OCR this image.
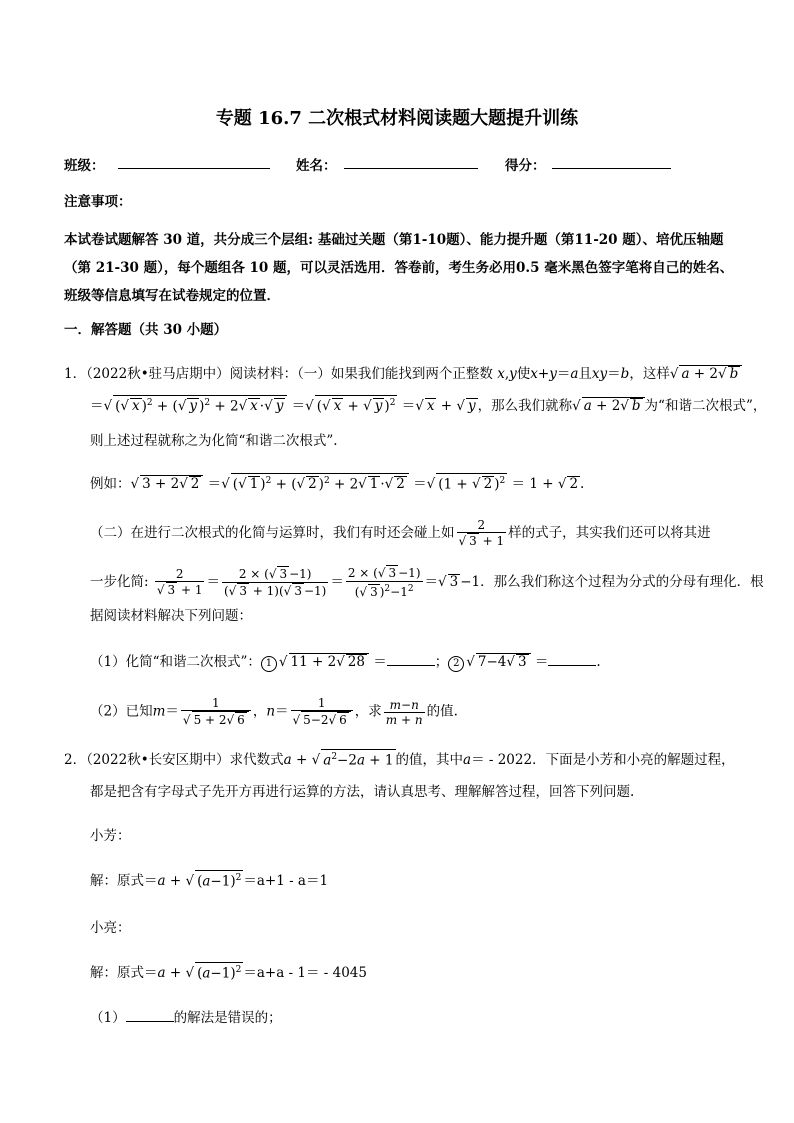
专题 16.7 二次根式材料阅读题大题提升训练
班级：	姓名：	得分：
注意事项：
本试卷试题解答 30 道，共分成三个层组: 基础过关题（第1-10题）、能力提升题（第11-20 题）、培优压轴题（第 21-30 题），每个题组各 10 题，可以灵活选用．答卷前，考生务必用0.5 毫米黑色签字笔将自己的姓名、班级等信息填写在试卷规定的位置．
一．解答题（共 30 小题）
1．（2022秋•驻马店期中）阅读材料：（一）如果我们能找到两个正整数 x,y使x+y＝a且xy＝b，这样 √ a + 2 √ b
＝ √ ( √ x )$^2$ + ( √ y )$^2$ + 2 √ x · √ y ＝ √ ( √ x + √ y )$^2$ ＝ √ x + √ y ，那么我们就称 √ a + 2 √ b 为“和谐二次根式”，
则上述过程就称之为化简“和谐二次根式”.
例如： √ 3 + 2 √ 2 ＝ √ ( √ 1 )$^2$ + ( √ 2 )$^2$ + 2 √ 1 · √ 2 ＝ √ (1 + √ 2 )$^2$ ＝ 1 + √ 2 .
（二）在进行二次根式的化简与运算时，我们有时还会碰上如 2
√ 3 + 1 样的式子，其实我们还可以将其进
一步化简: 2
√ $3 + 1 = \frac{2 \times ( √ 3 -1)}{( √ 3 + 1)( √ 3 -1)} = \frac{2 \times ( √ 3 -1)}{( √ 3 )^2-1^2}$ ＝ √ 3 −1．那么我们称这个过程为分式的分母有理化．根
据阅读材料解决下列问题：
（1）化简“和谐二次根式”： 1 √ 11 + 2 √ 28 ＝	； 2 √ 7−4 √ 3 ＝	.
（2）已知m＝ 1
√ 5 + 2 √ 6 ，n＝ 1
√ 5−2 √ 6 ，求 $\frac{m-n}{m + n}$ 的值.
2．（2022秋•长安区期中）求代数式a + √ $a^2-2a + 1$ 的值，其中a＝ - 2022．下面是小芳和小亮的解题过程，
都是把含有字母式子先开方再进行运算的方法，请认真思考、理解解答过程，回答下列问题.
小芳：
解：原式＝a + √ $(a-1)^2 =a+1 - a=1$
小亮：
解：原式＝a + √ $(a-1)^2 =a+a - 1= - 4045$
（1）	的解法是错误的；
